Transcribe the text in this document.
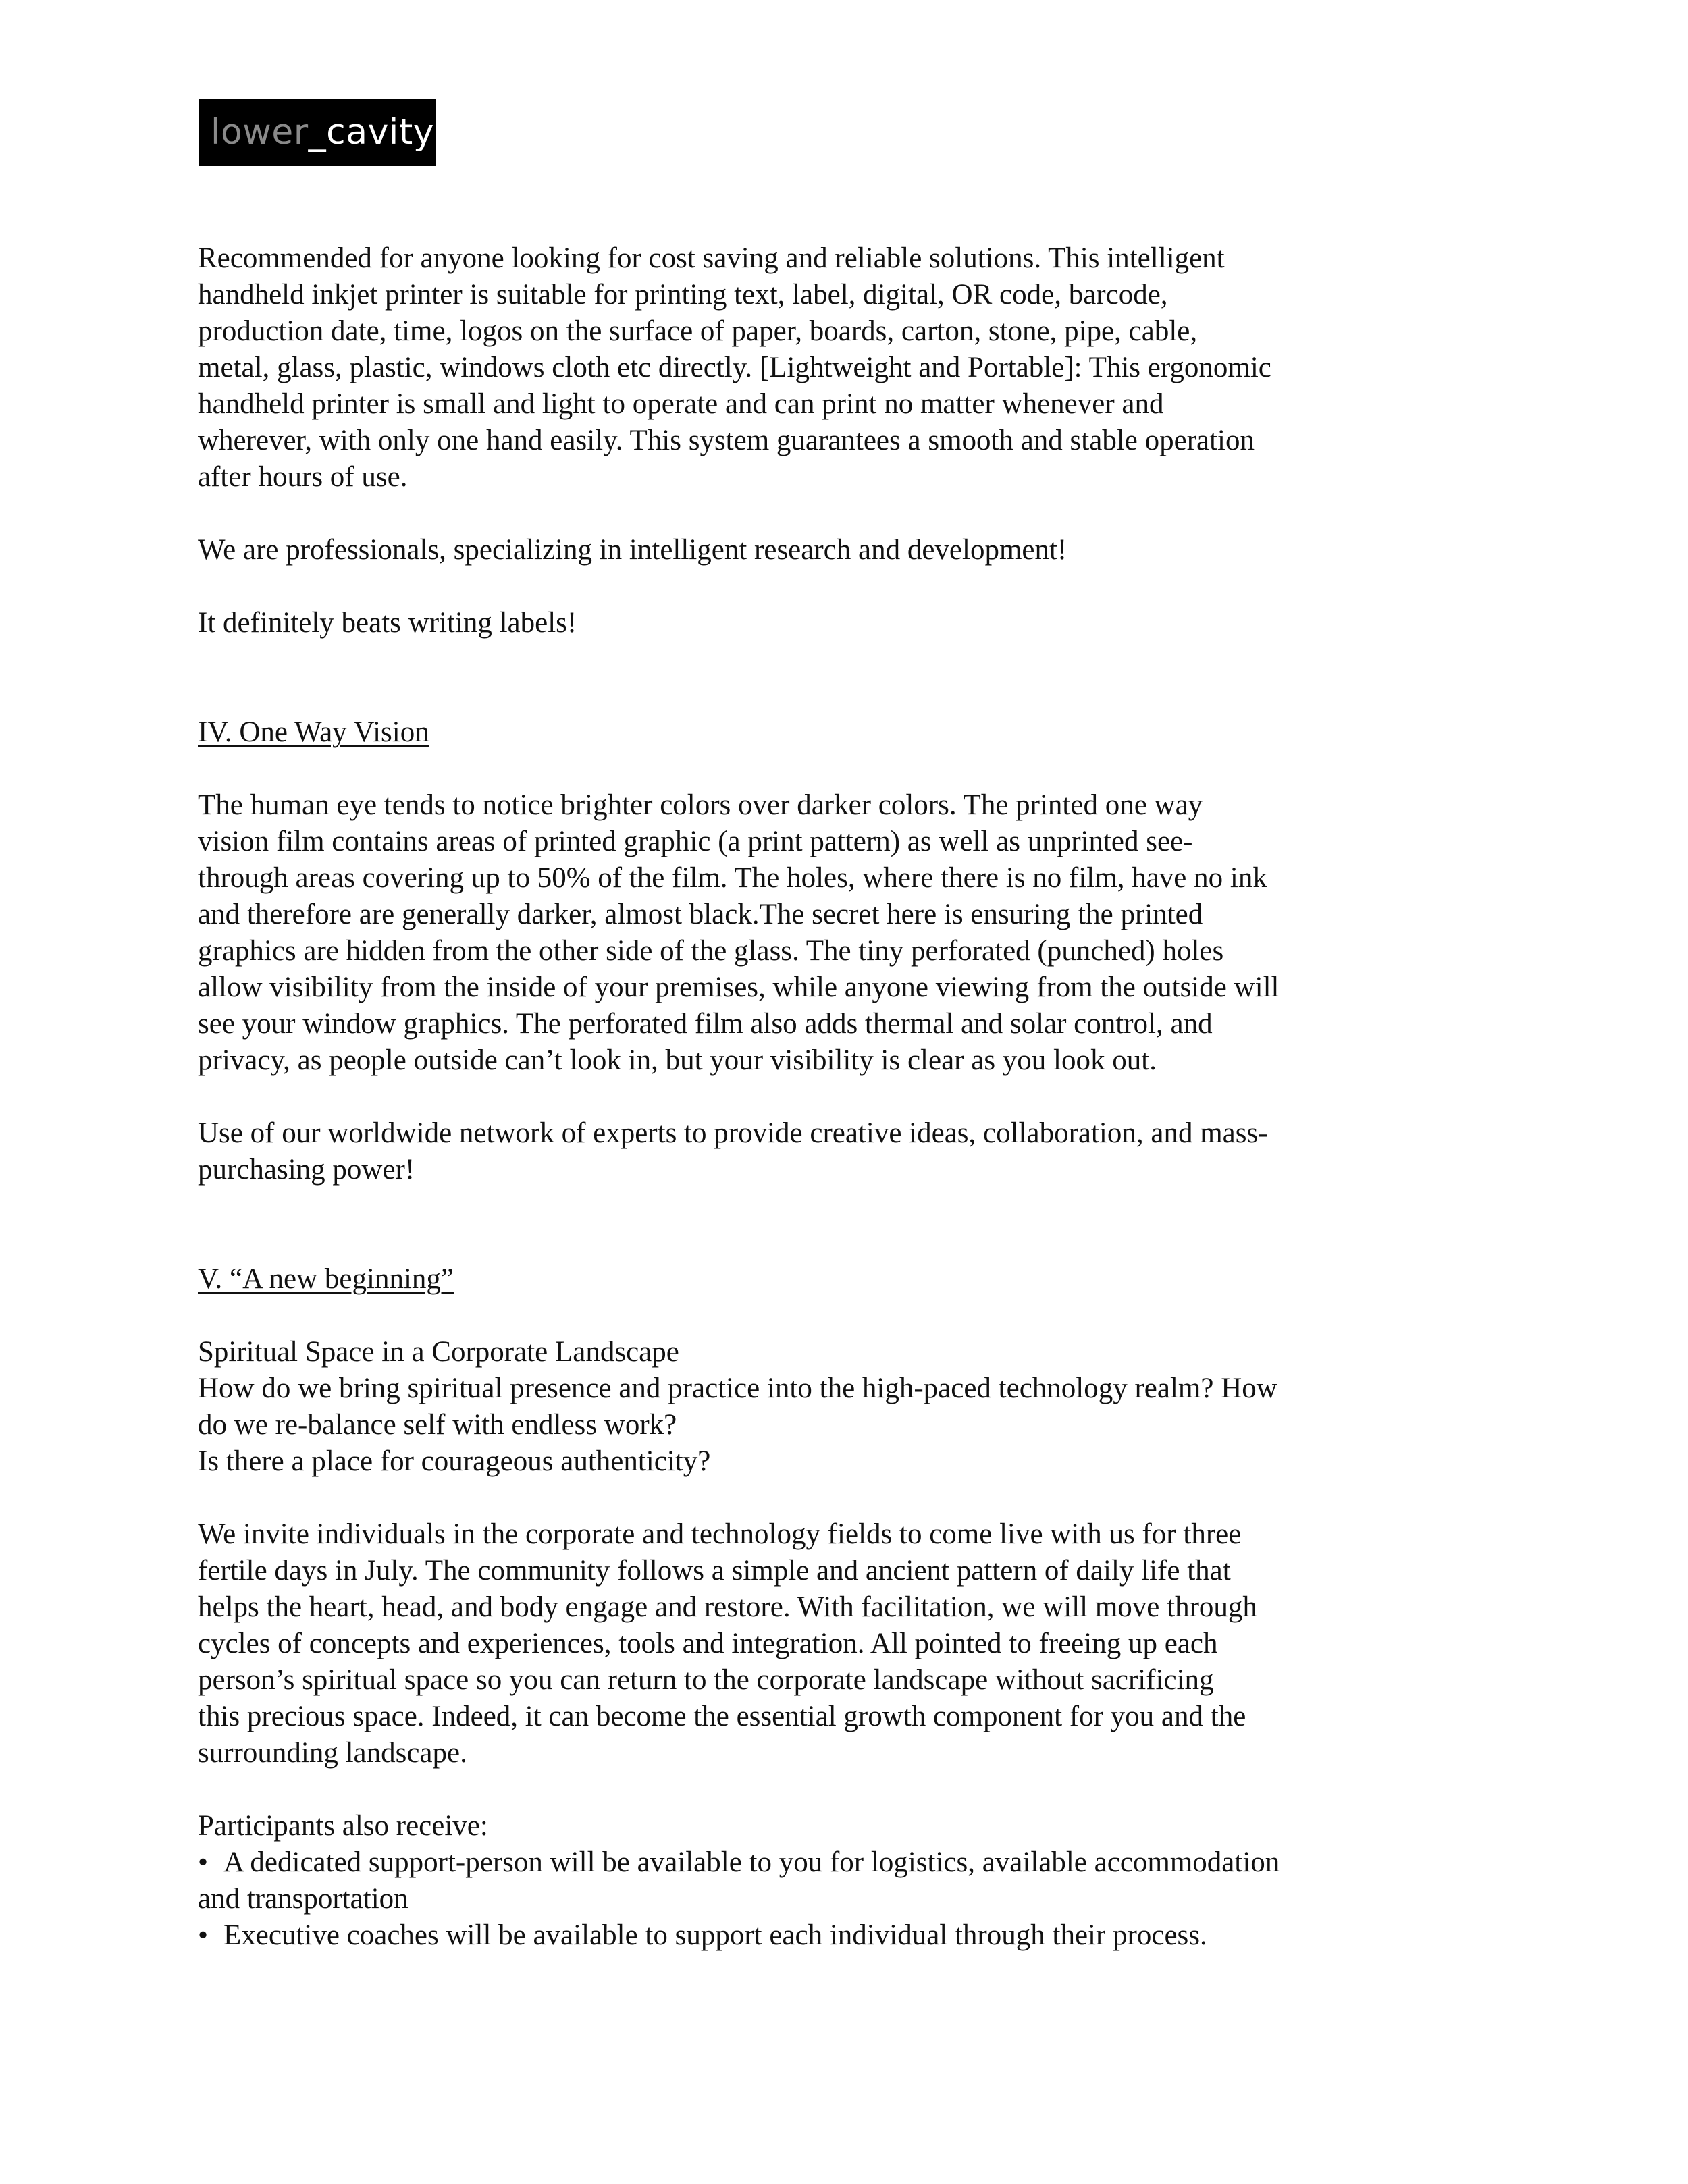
lower _cavity

Recommended for anyone looking for cost saving and reliable solutions. This intelligent

handheld inkjet printer is suitable for printing text, label, digital, OR code, barcode,

production date, time, logos on the surface of paper, boards, carton, stone, pipe, cable,

metal, glass, plastic, windows cloth etc directly. [Lightweight and Portable]: This ergonomic

handheld printer is small and light to operate and can print no matter whenever and

wherever, with only one hand easily. This system guarantees a smooth and stable operation

after hours of use.

We are professionals, specializing in intelligent research and development!

It definitely beats writing labels!

IV. One Way Vision

The human eye tends to notice brighter colors over darker colors. The printed one way

vision film contains areas of printed graphic (a print pattern) as well as unprinted see-

through areas covering up to 50% of the film. The holes, where there is no film, have no ink

and therefore are generally darker, almost black.The secret here is ensuring the printed

graphics are hidden from the other side of the glass. The tiny perforated (punched) holes

allow visibility from the inside of your premises, while anyone viewing from the outside will

see your window graphics. The perforated film also adds thermal and solar control, and

privacy, as people outside can’t look in, but your visibility is clear as you look out.

Use of our worldwide network of experts to provide creative ideas, collaboration, and mass-

purchasing power!

V. “A new beginning”

Spiritual Space in a Corporate Landscape

How do we bring spiritual presence and practice into the high-paced technology realm? How

do we re-balance self with endless work?

Is there a place for courageous authenticity?

We invite individuals in the corporate and technology fields to come live with us for three

fertile days in July. The community follows a simple and ancient pattern of daily life that

helps the heart, head, and body engage and restore. With facilitation, we will move through

cycles of concepts and experiences, tools and integration. All pointed to freeing up each

person’s spiritual space so you can return to the corporate landscape without sacrificing

this precious space. Indeed, it can become the essential growth component for you and the

surrounding landscape.

Participants also receive:

• A dedicated support-person will be available to you for logistics, available accommodation

and transportation

• Executive coaches will be available to support each individual through their process.
